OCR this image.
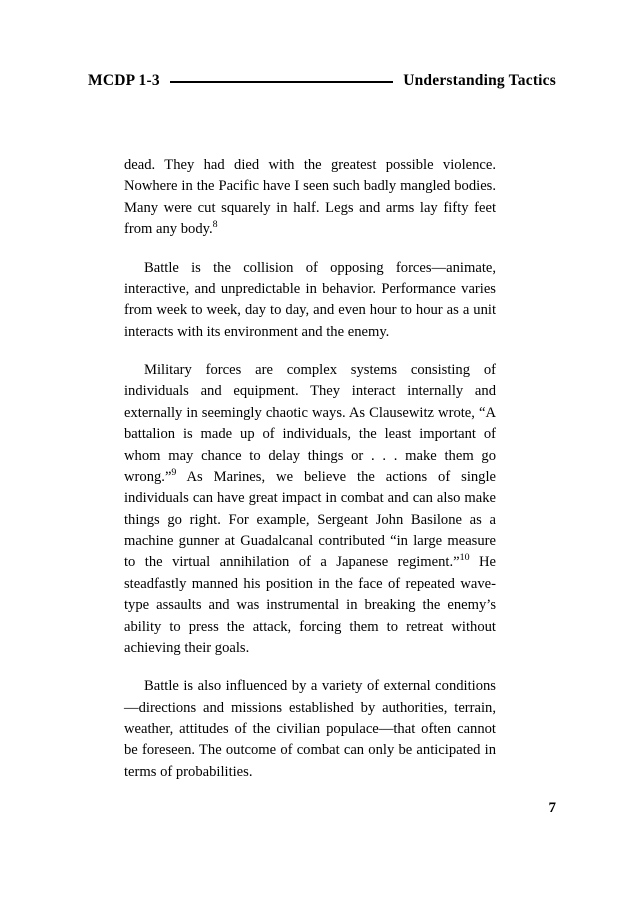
MCDP 1-3	Understanding Tactics

dead. They had died with the greatest possible violence. Nowhere in the Pacific have I seen such badly mangled bodies. Many were cut squarely in half. Legs and arms lay fifty feet from any body.$^8$

Battle is the collision of opposing forces—animate, interactive, and unpredictable in behavior. Performance varies from week to week, day to day, and even hour to hour as a unit interacts with its environment and the enemy.

Military forces are complex systems consisting of individuals and equipment. They interact internally and externally in seemingly chaotic ways. As Clausewitz wrote, “A battalion is made up of individuals, the least important of whom may chance to delay things or . . . make them go wrong.”$^9$ As Marines, we believe the actions of single individuals can have great impact in combat and can also make things go right. For example, Sergeant John Basilone as a machine gunner at Guadalcanal contributed “in large measure to the virtual annihilation of a Japanese regiment.”$^{10}$ He steadfastly manned his position in the face of repeated wave-type assaults and was instrumental in breaking the enemy’s ability to press the attack, forcing them to retreat without achieving their goals.

Battle is also influenced by a variety of external conditions—directions and missions established by authorities, terrain, weather, attitudes of the civilian populace—that often cannot be foreseen. The outcome of combat can only be anticipated in terms of probabilities.

7
